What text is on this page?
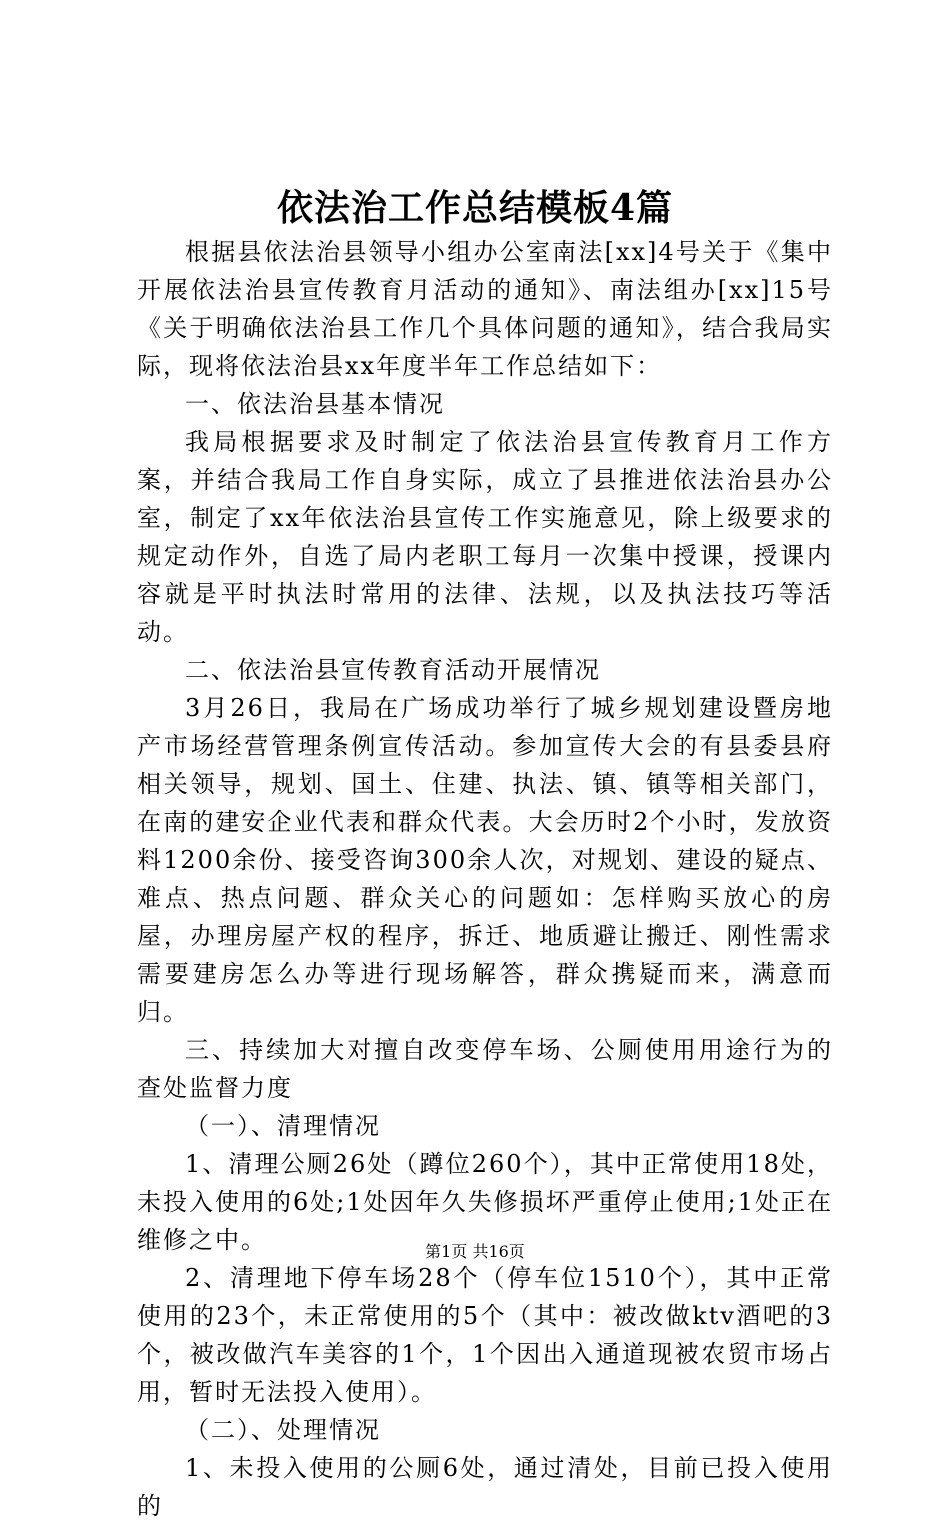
依法治工作总结模板4篇

根据县依法治县领导小组办公室南法[xx]4号关于《集中开展依法治县宣传教育月活动的通知》、南法组办[xx]15号《关于明确依法治县工作几个具体问题的通知》，结合我局实际，现将依法治县xx年度半年工作总结如下：

一、依法治县基本情况

我局根据要求及时制定了依法治县宣传教育月工作方案，并结合我局工作自身实际，成立了县推进依法治县办公室，制定了xx年依法治县宣传工作实施意见，除上级要求的规定动作外，自选了局内老职工每月一次集中授课，授课内容就是平时执法时常用的法律、法规，以及执法技巧等活动。

二、依法治县宣传教育活动开展情况

3月26日，我局在广场成功举行了城乡规划建设暨房地产市场经营管理条例宣传活动。参加宣传大会的有县委县府相关领导，规划、国土、住建、执法、镇、镇等相关部门，在南的建安企业代表和群众代表。大会历时2个小时，发放资料1200余份、接受咨询300余人次，对规划、建设的疑点、难点、热点问题、群众关心的问题如：怎样购买放心的房屋，办理房屋产权的程序，拆迁、地质避让搬迁、刚性需求需要建房怎么办等进行现场解答，群众携疑而来，满意而归。

三、持续加大对擅自改变停车场、公厕使用用途行为的查处监督力度

（一）、清理情况

1、清理公厕26处（蹲位260个），其中正常使用18处，未投入使用的6处;1处因年久失修损坏严重停止使用;1处正在维修之中。

2、清理地下停车场28个（停车位1510个），其中正常使用的23个，未正常使用的5个（其中：被改做ktv酒吧的3个，被改做汽车美容的1个，1个因出入通道现被农贸市场占用，暂时无法投入使用）。

（二）、处理情况

1、未投入使用的公厕6处，通过清处，目前已投入使用的

第1页 共16页
